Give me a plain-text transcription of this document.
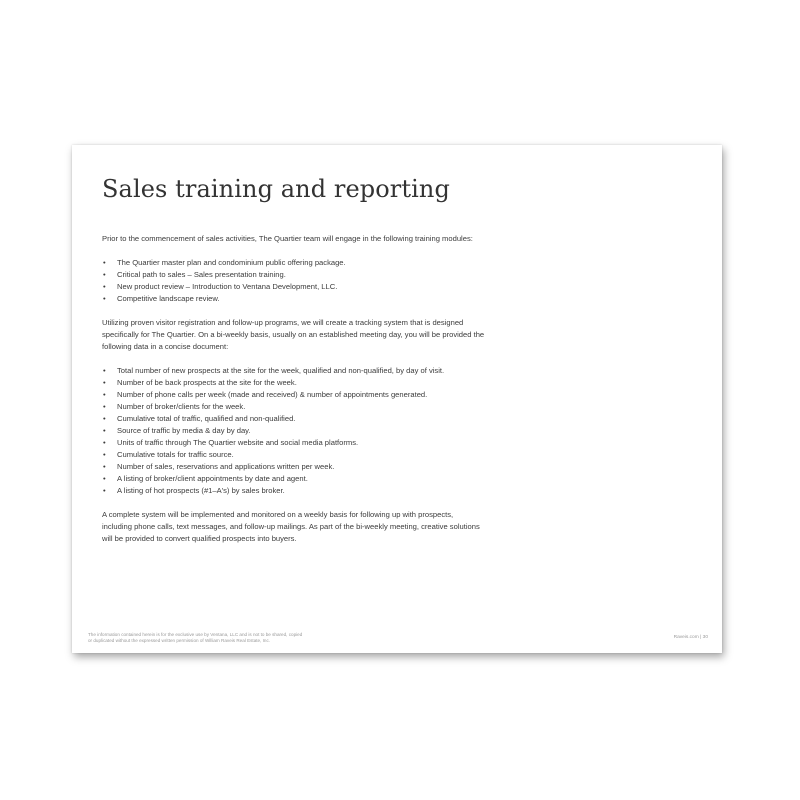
Sales training and reporting

Prior to the commencement of sales activities, The Quartier team will engage in the following training modules:

• The Quartier master plan and condominium public offering package.
• Critical path to sales – Sales presentation training.
• New product review – Introduction to Ventana Development, LLC.
• Competitive landscape review.

Utilizing proven visitor registration and follow-up programs, we will create a tracking system that is designed
specifically for The Quartier. On a bi-weekly basis, usually on an established meeting day, you will be provided the
following data in a concise document:

• Total number of new prospects at the site for the week, qualified and non-qualified, by day of visit.
• Number of be back prospects at the site for the week.
• Number of phone calls per week (made and received) & number of appointments generated.
• Number of broker/clients for the week.
• Cumulative total of traffic, qualified and non-qualified.
• Source of traffic by media & day by day.
• Units of traffic through The Quartier website and social media platforms.
• Cumulative totals for traffic source.
• Number of sales, reservations and applications written per week.
• A listing of broker/client appointments by date and agent.
• A listing of hot prospects (#1–A's) by sales broker.

A complete system will be implemented and monitored on a weekly basis for following up with prospects,
including phone calls, text messages, and follow-up mailings. As part of the bi-weekly meeting, creative solutions
will be provided to convert qualified prospects into buyers.

The information contained herein is for the exclusive use by Ventana, LLC and is not to be shared, copied
or duplicated without the expressed written permission of William Raveis Real Estate, Inc.
Raveis.com | 30
